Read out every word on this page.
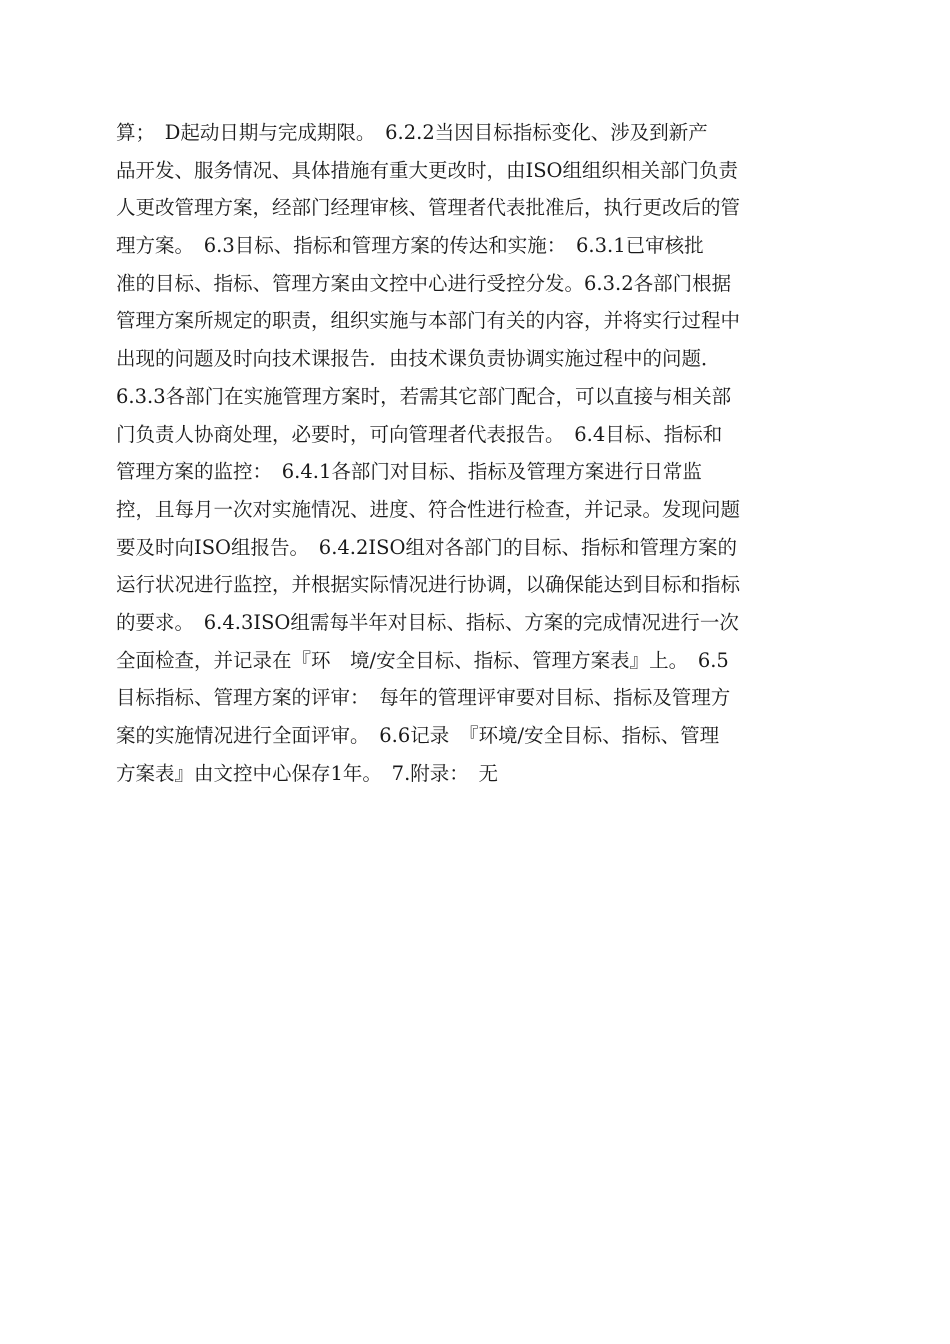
算；　D起动日期与完成期限。　6.2.2当因目标指标变化、涉及到新产
品开发、服务情况、具体措施有重大更改时，由ISO组组织相关部门负责
人更改管理方案，经部门经理审核、管理者代表批准后，执行更改后的管
理方案。　6.3目标、指标和管理方案的传达和实施：　6.3.1已审核批
准的目标、指标、管理方案由文控中心进行受控分发。6.3.2各部门根据
管理方案所规定的职责，组织实施与本部门有关的内容，并将实行过程中
出现的问题及时向技术课报告．由技术课负责协调实施过程中的问题．
6.3.3各部门在实施管理方案时，若需其它部门配合，可以直接与相关部
门负责人协商处理，必要时，可向管理者代表报告。　6.4目标、指标和
管理方案的监控：　6.4.1各部门对目标、指标及管理方案进行日常监
控，且每月一次对实施情况、进度、符合性进行检查，并记录。发现问题
要及时向ISO组报告。　6.4.2ISO组对各部门的目标、指标和管理方案的
运行状况进行监控，并根据实际情况进行协调，以确保能达到目标和指标
的要求。　6.4.3ISO组需每半年对目标、指标、方案的完成情况进行一次
全面检查，并记录在『环　境/安全目标、指标、管理方案表』上。　6.5
目标指标、管理方案的评审：　每年的管理评审要对目标、指标及管理方
案的实施情况进行全面评审。　6.6记录　『环境/安全目标、指标、管理
方案表』由文控中心保存1年。　7.附录：　无
